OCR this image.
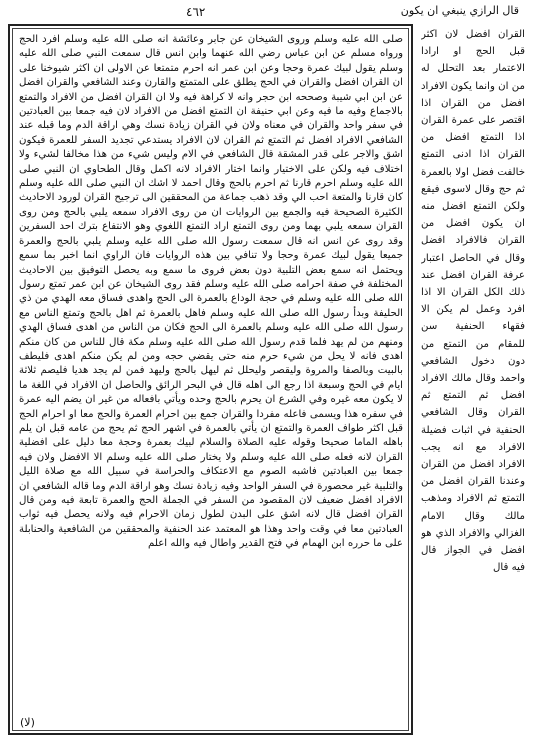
٤٦٢	قال الرازي ينبغي ان يكون

القران افضل لان اكثر قبل الحج او ارادا الاعتمار بعد التحلل له من ان وانما يكون الافراد افضل من القران اذا اقتصر على عمرة القران اذا التمتع افضل من القران اذا ادنى التمتع خالفت فضل اولا بالعمرة ثم حج وقال لاسوى فيقع ولكن التمتع افضل منه ان يكون افضل من القران فالافراد افضل وقال في الحاصل اعتبار عرفة القران افضل عند ذلك الكل القران الا اذا افرد وعمل لم يكن الا فقهاء الحنفية سن للمقام من التمتع من دون دخول الشافعي واحمد وقال مالك الافراد افضل ثم التمتع ثم القران وقال الشافعي الحنفية في اثبات فضيلة الافراد مع انه يجب الافراد افضل من القران وعندنا القران افضل من التمتع ثم الافراد ومذهب مالك وقال الامام الغزالي والافراد الذي هو افضل في الجواز قال فيه قال

صلى الله عليه وسلم وروى الشيخان عن جابر وعائشة انه صلى الله عليه وسلم افرد الحج ورواه مسلم عن ابن عباس رضي الله عنهما وابن انس قال سمعت النبي صلى الله عليه وسلم يقول لبيك عمرة وحجا وعن ابن عمر انه احرم متمتعا عن الاولى ان اكثر شيوخنا على ان القران افضل والقران في الحج يطلق على المتمتع والقارن وعند الشافعي والقران افضل عن ابن ابي شيبة وصححه ابن حجر وانه لا كراهة فيه ولا ان القران افضل من الافراد والتمتع بالاجماع وفيه ما فيه وعن ابي حنيفة ان التمتع افضل من الافراد لان فيه جمعا بين العبادتين في سفر واحد والقران في معناه ولان في القران زيادة نسك وهي اراقة الدم وما قبله عند الشافعي الافراد افضل ثم التمتع ثم القران لان الافراد يستدعي تجديد السفر للعمرة فيكون اشق والاجر على قدر المشقة قال الشافعي في الام وليس شيء من هذا مخالفا لشيء ولا اختلاف فيه ولكن على الاختيار وانما اختار الافراد لانه اكمل وقال الطحاوي ان النبي صلى الله عليه وسلم احرم قارنا ثم احرم بالحج وقال احمد لا اشك ان النبي صلى الله عليه وسلم كان قارنا والمتعة احب الي وقد ذهب جماعة من المحققين الى ترجيح القران لورود الاحاديث الكثيرة الصحيحة فيه والجمع بين الروايات ان من روى الافراد سمعه يلبي بالحج ومن روى القران سمعه يلبي بهما ومن روى التمتع اراد التمتع اللغوي وهو الانتفاع بترك احد السفرين وقد روى عن انس انه قال سمعت رسول الله صلى الله عليه وسلم يلبي بالحج والعمرة جميعا يقول لبيك عمرة وحجا ولا تنافي بين هذه الروايات فان الراوي انما اخبر بما سمع ويحتمل انه سمع بعض التلبية دون بعض فروى ما سمع وبه يحصل التوفيق بين الاحاديث المختلفة في صفة احرامه صلى الله عليه وسلم فقد روى الشيخان عن ابن عمر تمتع رسول الله صلى الله عليه وسلم في حجة الوداع بالعمرة الى الحج واهدى فساق معه الهدي من ذي الحليفة وبدأ رسول الله صلى الله عليه وسلم فاهل بالعمرة ثم اهل بالحج وتمتع الناس مع رسول الله صلى الله عليه وسلم بالعمرة الى الحج فكان من الناس من اهدى فساق الهدي ومنهم من لم يهد فلما قدم رسول الله صلى الله عليه وسلم مكة قال للناس من كان منكم اهدى فانه لا يحل من شيء حرم منه حتى يقضي حجه ومن لم يكن منكم اهدى فليطف بالبيت وبالصفا والمروة وليقصر وليحلل ثم ليهل بالحج وليهد فمن لم يجد هديا فليصم ثلاثة ايام في الحج وسبعة اذا رجع الى اهله قال في البحر الرائق والحاصل ان الافراد في اللغة ما لا يكون معه غيره وفي الشرع ان يحرم بالحج وحده ويأتي بافعاله من غير ان يضم اليه عمرة في سفره هذا ويسمى فاعله مفردا والقران جمع بين احرام العمرة والحج معا او احرام الحج قبل اكثر طواف العمرة والتمتع ان يأتي بالعمرة في اشهر الحج ثم يحج من عامه قبل ان يلم باهله الماما صحيحا وقوله عليه الصلاة والسلام لبيك بعمرة وحجة معا دليل على افضلية القران لانه فعله صلى الله عليه وسلم ولا يختار صلى الله عليه وسلم الا الافضل ولان فيه جمعا بين العبادتين فاشبه الصوم مع الاعتكاف والحراسة في سبيل الله مع صلاة الليل والتلبية غير محصورة في السفر الواحد وفيه زيادة نسك وهو اراقة الدم وما قاله الشافعي ان الافراد افضل ضعيف لان المقصود من السفر في الجملة الحج والعمرة تابعة فيه ومن قال القران افضل قال لانه اشق على البدن لطول زمان الاحرام فيه ولانه يحصل فيه ثواب العبادتين معا في وقت واحد وهذا هو المعتمد عند الحنفية والمحققين من الشافعية والحنابلة على ما حرره ابن الهمام في فتح القدير واطال فيه والله اعلم

(لا)
